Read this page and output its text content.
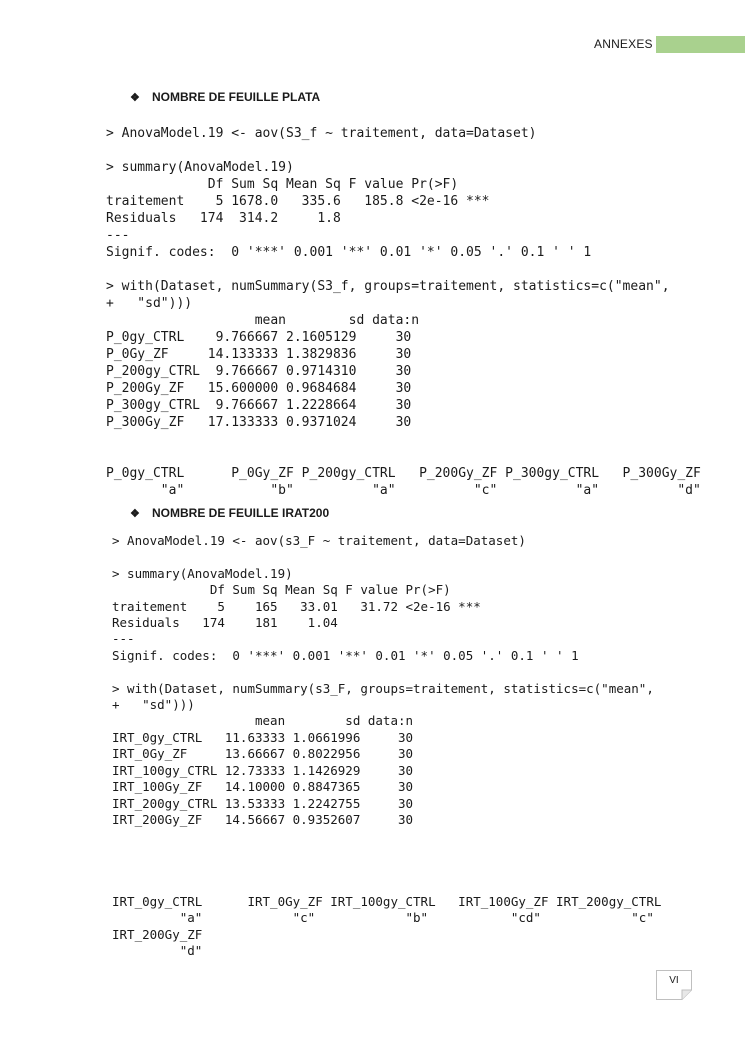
ANNEXES
❖ NOMBRE DE FEUILLE PLATA
> AnovaModel.19 <- aov(S3_f ~ traitement, data=Dataset)

> summary(AnovaModel.19)
Df Sum Sq Mean Sq F value Pr(>F)
traitement    5 1678.0   335.6   185.8 <2e-16 ***
Residuals   174  314.2     1.8
---
Signif. codes:  0 '***' 0.001 '**' 0.01 '*' 0.05 '.' 0.1 ' ' 1

> with(Dataset, numSummary(S3_f, groups=traitement, statistics=c("mean",
+   "sd")))
mean        sd data:n
P_0gy_CTRL    9.766667 2.1605129     30
P_0Gy_ZF     14.133333 1.3829836     30
P_200gy_CTRL  9.766667 0.9714310     30
P_200Gy_ZF   15.600000 0.9684684     30
P_300gy_CTRL  9.766667 1.2228664     30
P_300Gy_ZF   17.133333 0.9371024     30

P_0gy_CTRL      P_0Gy_ZF P_200gy_CTRL   P_200Gy_ZF P_300gy_CTRL   P_300Gy_ZF
"a"           "b"          "a"          "c"          "a"          "d"
❖ NOMBRE DE FEUILLE IRAT200
> AnovaModel.19 <- aov(s3_F ~ traitement, data=Dataset)

> summary(AnovaModel.19)
Df Sum Sq Mean Sq F value Pr(>F)
traitement    5    165   33.01   31.72 <2e-16 ***
Residuals   174    181    1.04
---
Signif. codes:  0 '***' 0.001 '**' 0.01 '*' 0.05 '.' 0.1 ' ' 1

> with(Dataset, numSummary(s3_F, groups=traitement, statistics=c("mean",
+   "sd")))
mean        sd data:n
IRT_0gy_CTRL   11.63333 1.0661996     30
IRT_0Gy_ZF     13.66667 0.8022956     30
IRT_100gy_CTRL 12.73333 1.1426929     30
IRT_100Gy_ZF   14.10000 0.8847365     30
IRT_200gy_CTRL 13.53333 1.2242755     30
IRT_200Gy_ZF   14.56667 0.9352607     30

IRT_0gy_CTRL      IRT_0Gy_ZF IRT_100gy_CTRL   IRT_100Gy_ZF IRT_200gy_CTRL
"a"            "c"            "b"           "cd"            "c"
IRT_200Gy_ZF
"d"
VI
